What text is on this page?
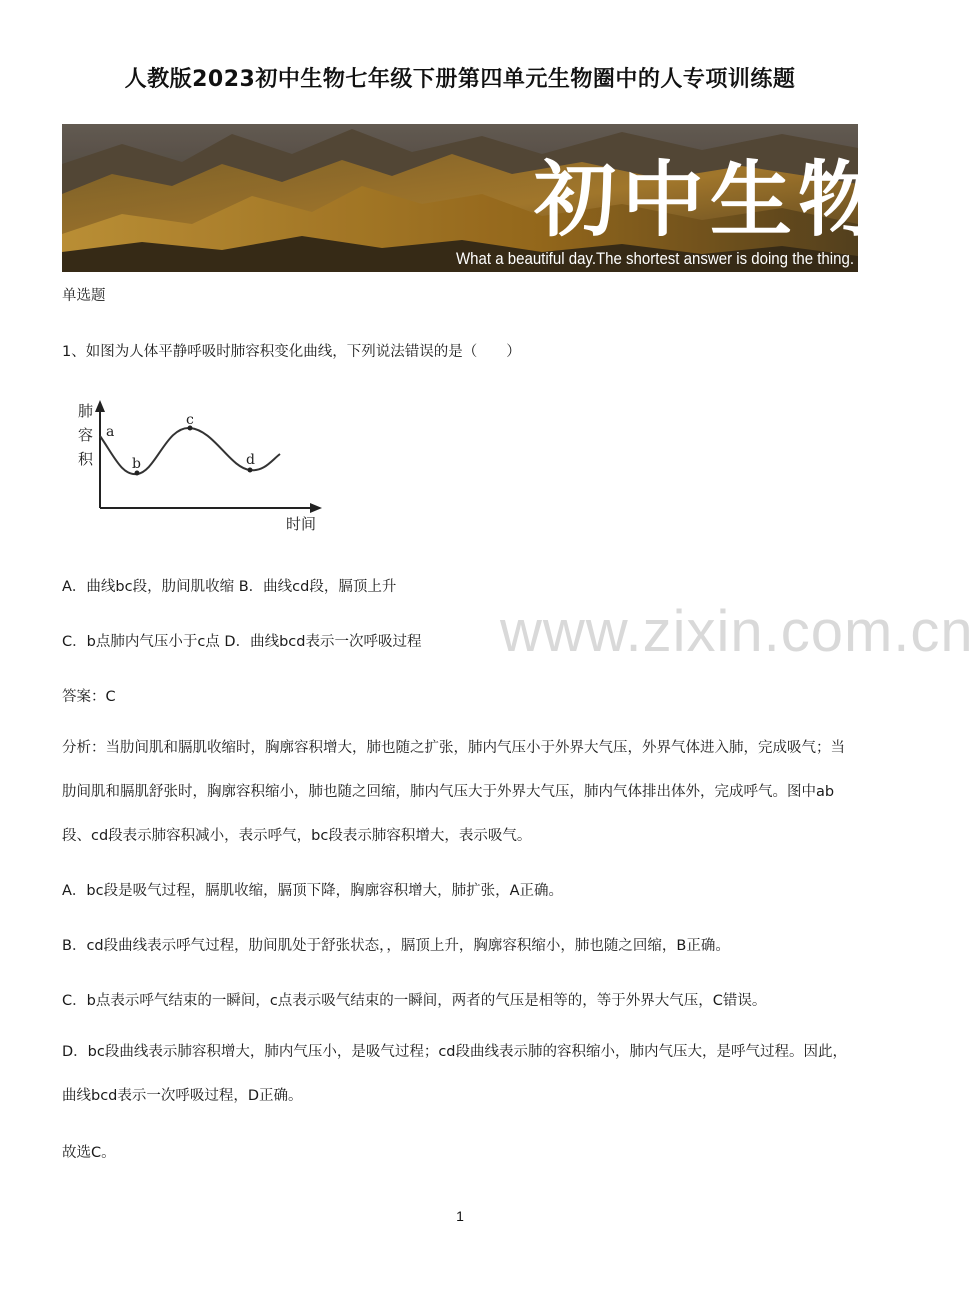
人教版2023初中生物七年级下册第四单元生物圈中的人专项训练题
初中生物
What a beautiful day.The shortest answer is doing the thing.
单选题
1、如图为人体平静呼吸时肺容积变化曲线，下列说法错误的是（　　）
肺
容
积
a
b
c
d
时间
A．曲线bc段，肋间肌收缩 B．曲线cd段，膈顶上升
C．b点肺内气压小于c点 D．曲线bcd表示一次呼吸过程	www.zixin.com.cn
答案：C
分析：当肋间肌和膈肌收缩时，胸廓容积增大，肺也随之扩张，肺内气压小于外界大气压，外界气体进入肺，完成吸气；当肋间肌和膈肌舒张时，胸廓容积缩小，肺也随之回缩，肺内气压大于外界大气压，肺内气体排出体外，完成呼气。图中ab段、cd段表示肺容积减小，表示呼气，bc段表示肺容积增大，表示吸气。
A．bc段是吸气过程，膈肌收缩，膈顶下降，胸廓容积增大，肺扩张，A正确。
B．cd段曲线表示呼气过程，肋间肌处于舒张状态，，膈顶上升，胸廓容积缩小，肺也随之回缩，B正确。
C．b点表示呼气结束的一瞬间，c点表示吸气结束的一瞬间，两者的气压是相等的，等于外界大气压，C错误。
D．bc段曲线表示肺容积增大，肺内气压小，是吸气过程；cd段曲线表示肺的容积缩小，肺内气压大，是呼气过程。因此，曲线bcd表示一次呼吸过程，D正确。
故选C。
1
